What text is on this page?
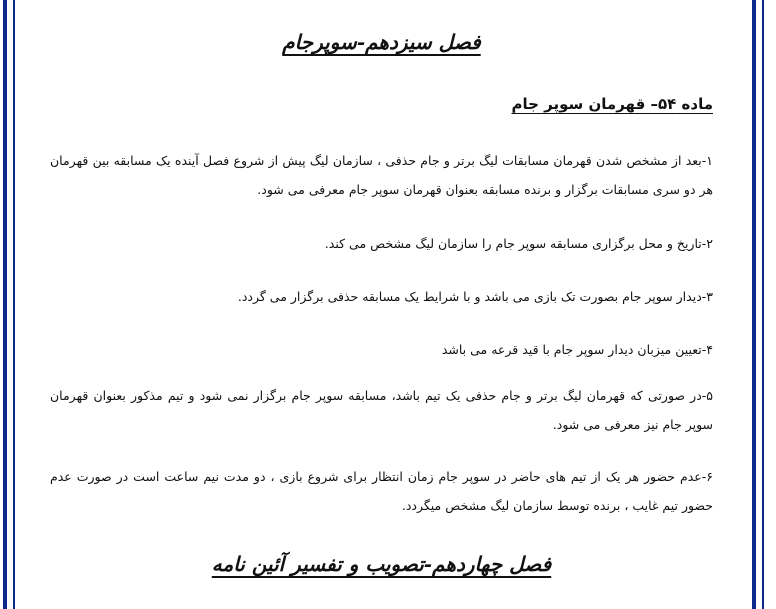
فصل سیزدهم-سوپرجام
ماده ۵۴– قهرمان سوپر جام

۱-بعد از مشخص شدن قهرمان مسابقات لیگ برتر و جام حذفی ، سازمان لیگ پیش از شروع فصل آینده یک مسابقه بین قهرمان هر دو سری مسابقات برگزار و برنده مسابقه بعنوان قهرمان سوپر جام معرفی می شود.

۲-تاریخ و محل برگزاری مسابقه سوپر جام را سازمان لیگ مشخص می کند.

۳-دیدار سوپر جام بصورت تک بازی می باشد و با شرایط یک مسابقه حذفی برگزار می گردد.

۴-تعیین میزبان دیدار سوپر جام با قید قرعه می باشد

۵-در صورتی که قهرمان لیگ برتر و جام حذفی یک تیم باشد، مسابقه سوپر جام برگزار نمی شود و تیم مذکور بعنوان قهرمان سوپر جام نیز معرفی می شود.

۶-عدم حضور هر یک از تیم های حاضر در سوپر جام زمان انتظار برای شروع بازی ، دو مدت نیم ساعت است در صورت عدم حضور تیم غایب ، برنده توسط سازمان لیگ مشخص میگردد.

فصل چهاردهم-تصویب و تفسیر آئین نامه
